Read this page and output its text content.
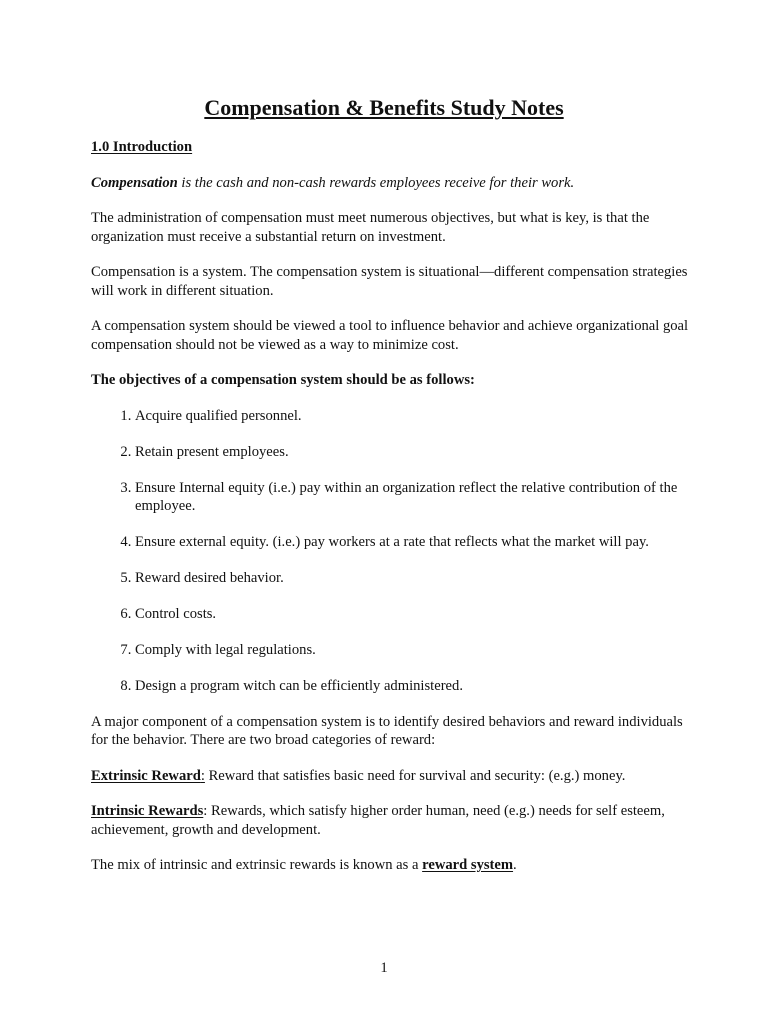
Compensation & Benefits Study Notes

1.0 Introduction

Compensation is the cash and non-cash rewards employees receive for their work.

The administration of compensation must meet numerous objectives, but what is key, is that the organization must receive a substantial return on investment.

Compensation is a system. The compensation system is situational—different compensation strategies will work in different situation.

A compensation system should be viewed a tool to influence behavior and achieve organizational goal compensation should not be viewed as a way to minimize cost.

The objectives of a compensation system should be as follows:

1. Acquire qualified personnel.
2. Retain present employees.
3. Ensure Internal equity (i.e.) pay within an organization reflect the relative contribution of the employee.
4. Ensure external equity. (i.e.) pay workers at a rate that reflects what the market will pay.
5. Reward desired behavior.
6. Control costs.
7. Comply with legal regulations.
8. Design a program witch can be efficiently administered.

A major component of a compensation system is to identify desired behaviors and reward individuals for the behavior. There are two broad categories of reward:

Extrinsic Reward: Reward that satisfies basic need for survival and security: (e.g.) money.

Intrinsic Rewards: Rewards, which satisfy higher order human, need (e.g.) needs for self esteem, achievement, growth and development.

The mix of intrinsic and extrinsic rewards is known as a reward system.

1
